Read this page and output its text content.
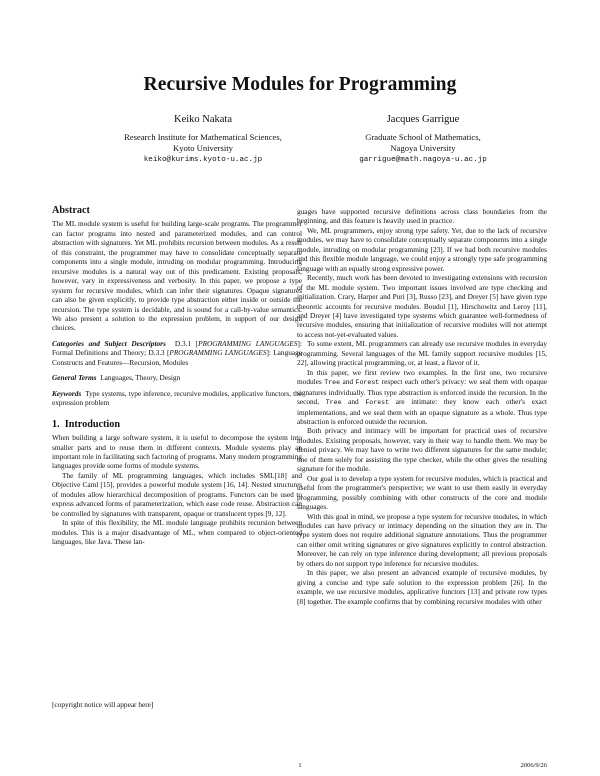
Recursive Modules for Programming
Keiko Nakata
Research Institute for Mathematical Sciences,
Kyoto University
keiko@kurims.kyoto-u.ac.jp
Jacques Garrigue
Graduate School of Mathematics,
Nagoya University
garrigue@math.nagoya-u.ac.jp
Abstract

The ML module system is useful for building large-scale programs. The programmer can factor programs into nested and parameterized modules, and can control abstraction with signatures. Yet ML prohibits recursion between modules. As a result of this constraint, the programmer may have to consolidate conceptually separate components into a single module, intruding on modular programming. Introducing recursive modules is a natural way out of this predicament. Existing proposals, however, vary in expressiveness and verbosity. In this paper, we propose a type system for recursive modules, which can infer their signatures. Opaque signatures can also be given explicitly, to provide type abstraction either inside or outside the recursion. The type system is decidable, and is sound for a call-by-value semantics. We also present a solution to the expression problem, in support of our design choices.

Categories and Subject Descriptors D.3.1 [PROGRAMMING LANGUAGES]: Formal Definitions and Theory; D.3.3 [PROGRAMMING LANGUAGES]: Language Constructs and Features—Recursion, Modules

General Terms Languages, Theory, Design

Keywords Type systems, type inference, recursive modules, applicative functors, the expression problem

1. Introduction

When building a large software system, it is useful to decompose the system into smaller parts and to reuse them in different contexts. Module systems play an important role in facilitating such factoring of programs. Many modern programming languages provide some forms of module systems.

The family of ML programming languages, which includes SML[18] and Objective Caml [15], provides a powerful module system [16, 14]. Nested structures of modules allow hierarchical decomposition of programs. Functors can be used to express advanced forms of parameterization, which ease code reuse. Abstraction can be controlled by signatures with transparent, opaque or translucent types [9, 12].

In spite of this flexibility, the ML module language prohibits recursion between modules. This is a major disadvantage of ML, when compared to object-oriented languages, like Java. These lan-

[copyright notice will appear here]

guages have supported recursive definitions across class boundaries from the beginning, and this feature is heavily used in practice.

We, ML programmers, enjoy strong type safety. Yet, due to the lack of recursive modules, we may have to consolidate conceptually separate components into a single module, intruding on modular programming [23]. If we had both recursive modules and this flexible module language, we could enjoy a strongly type safe programming language with an equally strong expressive power.

Recently, much work has been devoted to investigating extensions with recursion of the ML module system. Two important issues involved are type checking and initialization. Crary, Harper and Puri [3], Russo [23], and Dreyer [5] have given type theoretic accounts for recursive modules. Boudol [1], Hirschowitz and Leroy [11], and Dreyer [4] have investigated type systems which guarantee well-formedness of recursive modules, ensuring that initialization of recursive modules will not attempt to access not-yet-evaluated values.

To some extent, ML programmers can already use recursive modules in everyday programming. Several languages of the ML family support recursive modules [15, 22], allowing practical programming, or, at least, a flavor of it.

In this paper, we first review two examples. In the first one, two recursive modules Tree and Forest respect each other's privacy: we seal them with opaque signatures individually. Thus type abstraction is enforced inside the recursion. In the second, Tree and Forest are intimate: they know each other's exact implementations, and we seal them with an opaque signature as a whole. Thus type abstraction is enforced outside the recursion.

Both privacy and intimacy will be important for practical uses of recursive modules. Existing proposals, however, vary in their way to handle them. We may be denied privacy. We may have to write two different signatures for the same module; one of them solely for assisting the type checker, while the other gives the resulting signature for the module.

Our goal is to develop a type system for recursive modules, which is practical and useful from the programmer's perspective; we want to use them easily in everyday programming, possibly combining with other constructs of the core and module languages.

With this goal in mind, we propose a type system for recursive modules, in which modules can have privacy or intimacy depending on the situation they are in. The type system does not require additional signature annotations. Thus the programmer can either omit writing signatures or give signatures explicitly to control abstraction. Moreover, he can rely on type inference during development; all previous proposals by others do not support type inference for recursive modules.

In this paper, we also present an advanced example of recursive modules, by giving a concise and type safe solution to the expression problem [26]. In the example, we use recursive modules, applicative functors [13] and private row types [8] together. The example confirms that by combining recursive modules with other

1	2006/9/26
